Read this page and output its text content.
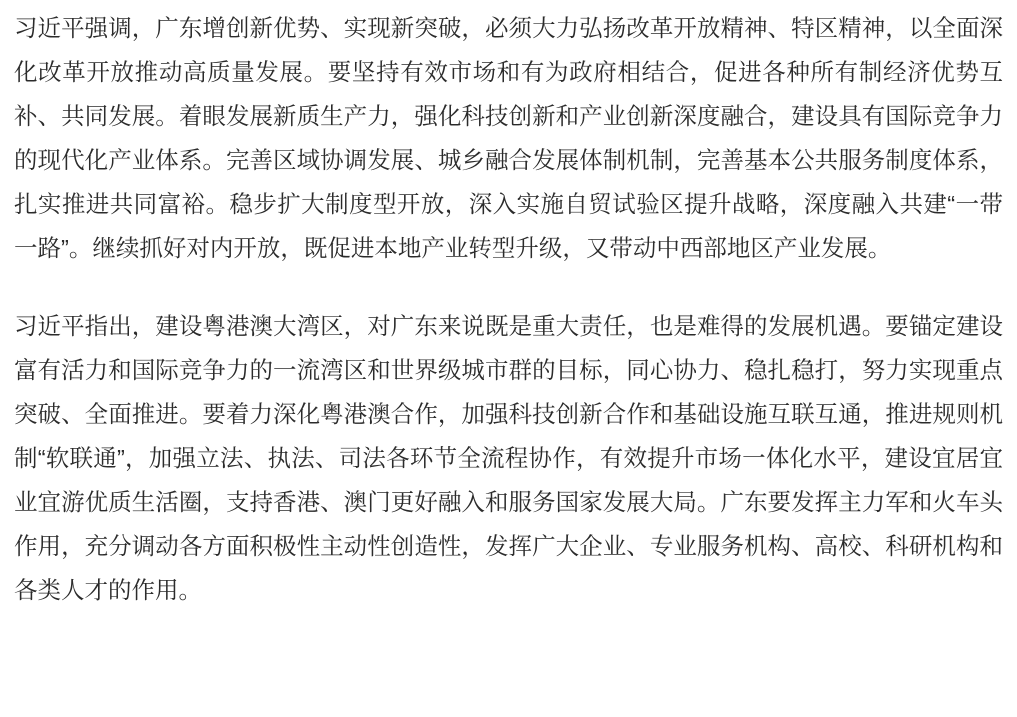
习近平强调，广东增创新优势、实现新突破，必须大力弘扬改革开放精神、特区精神，以全面深化改革开放推动高质量发展。要坚持有效市场和有为政府相结合，促进各种所有制经济优势互补、共同发展。着眼发展新质生产力，强化科技创新和产业创新深度融合，建设具有国际竞争力的现代化产业体系。完善区域协调发展、城乡融合发展体制机制，完善基本公共服务制度体系，扎实推进共同富裕。稳步扩大制度型开放，深入实施自贸试验区提升战略，深度融入共建“一带一路”。继续抓好对内开放，既促进本地产业转型升级，又带动中西部地区产业发展。

习近平指出，建设粤港澳大湾区，对广东来说既是重大责任，也是难得的发展机遇。要锚定建设富有活力和国际竞争力的一流湾区和世界级城市群的目标，同心协力、稳扎稳打，努力实现重点突破、全面推进。要着力深化粤港澳合作，加强科技创新合作和基础设施互联互通，推进规则机制“软联通”，加强立法、执法、司法各环节全流程协作，有效提升市场一体化水平，建设宜居宜业宜游优质生活圈，支持香港、澳门更好融入和服务国家发展大局。广东要发挥主力军和火车头作用，充分调动各方面积极性主动性创造性，发挥广大企业、专业服务机构、高校、科研机构和各类人才的作用。
